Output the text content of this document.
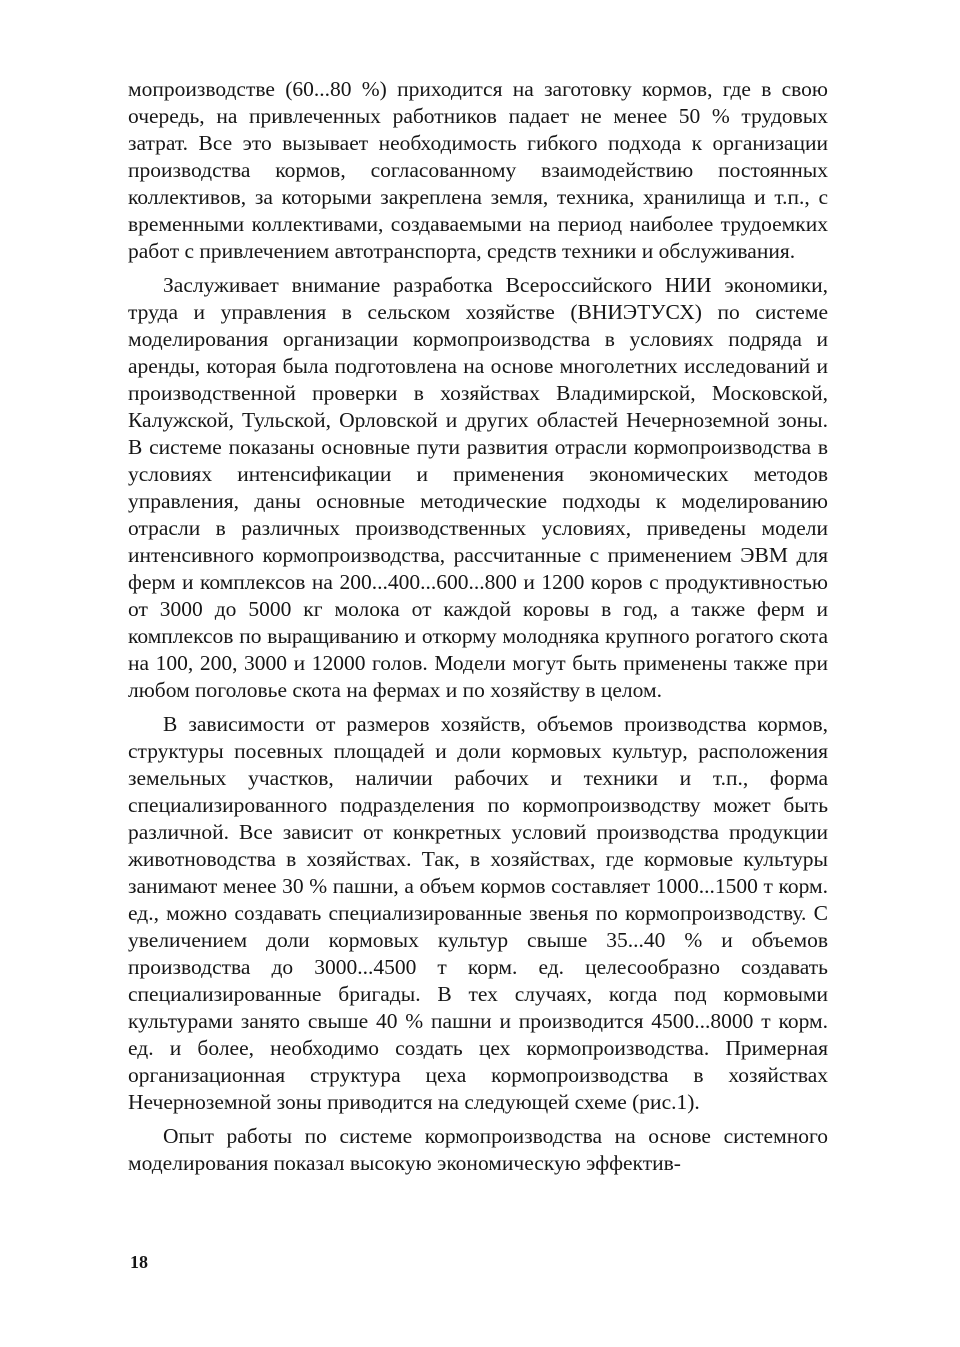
мопроизводстве (60...80 %) приходится на заготовку кормов, где в свою очередь, на привлеченных работников падает не менее 50 % трудовых затрат. Все это вызывает необходимость гибкого подхода к организации производства кормов, согласованному взаимодействию постоянных коллективов, за которыми закреплена земля, техника, хранилища и т.п., с временными коллективами, создаваемыми на период наиболее трудоемких работ с привлечением автотранспорта, средств техники и обслуживания.

Заслуживает внимание разработка Всероссийского НИИ экономики, труда и управления в сельском хозяйстве (ВНИЭТУСХ) по системе моделирования организации кормопроизводства в условиях подряда и аренды, которая была подготовлена на основе многолетних исследований и производственной проверки в хозяйствах Владимирской, Московской, Калужской, Тульской, Орловской и других областей Нечерноземной зоны. В системе показаны основные пути развития отрасли кормопроизводства в условиях интенсификации и применения экономических методов управления, даны основные методические подходы к моделированию отрасли в различных производственных условиях, приведены модели интенсивного кормопроизводства, рассчитанные с применением ЭВМ для ферм и комплексов на 200...400...600...800 и 1200 коров с продуктивностью от 3000 до 5000 кг молока от каждой коровы в год, а также ферм и комплексов по выращиванию и откорму молодняка крупного рогатого скота на 100, 200, 3000 и 12000 голов. Модели могут быть применены также при любом поголовье скота на фермах и по хозяйству в целом.

В зависимости от размеров хозяйств, объемов производства кормов, структуры посевных площадей и доли кормовых культур, расположения земельных участков, наличии рабочих и техники и т.п., форма специализированного подразделения по кормопроизводству может быть различной. Все зависит от конкретных условий производства продукции животноводства в хозяйствах. Так, в хозяйствах, где кормовые культуры занимают менее 30 % пашни, а объем кормов составляет 1000...1500 т корм. ед., можно создавать специализированные звенья по кормопроизводству. С увеличением доли кормовых культур свыше 35...40 % и объемов производства до 3000...4500 т корм. ед. целесообразно создавать специализированные бригады. В тех случаях, когда под кормовыми культурами занято свыше 40 % пашни и производится 4500...8000 т корм. ед. и более, необходимо создать цех кормопроизводства. Примерная организационная структура цеха кормопроизводства в хозяйствах Нечерноземной зоны приводится на следующей схеме (рис.1).

Опыт работы по системе кормопроизводства на основе системного моделирования показал высокую экономическую эффектив-

18
